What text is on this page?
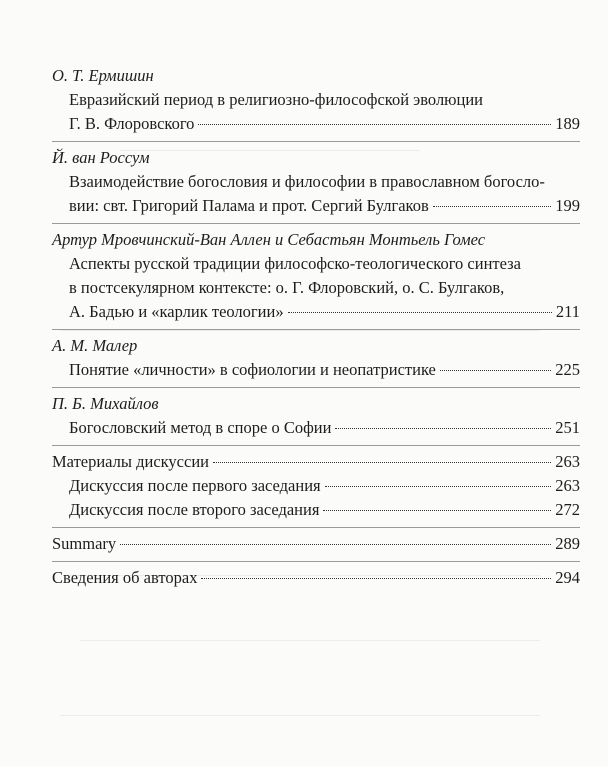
О. Т. Ермишин
Евразийский период в религиозно-философской эволюции
Г. В. Флоровского	189
Й. ван Россум
Взаимодействие богословия и философии в православном богосло-
вии: свт. Григорий Палама и прот. Сергий Булгаков	199
Артур Мровчинский-Ван Аллен и Себастьян Монтьель Гомес
Аспекты русской традиции философско-теологического синтеза
в постсекулярном контексте: о. Г. Флоровский, о. С. Булгаков,
А. Бадью и «карлик теологии»	211
А. М. Малер
Понятие «личности» в софиологии и неопатристике	225
П. Б. Михайлов
Богословский метод в споре о Софии	251
Материалы дискуссии	263
Дискуссия после первого заседания	263
Дискуссия после второго заседания	272
Summary	289
Сведения об авторах	294
